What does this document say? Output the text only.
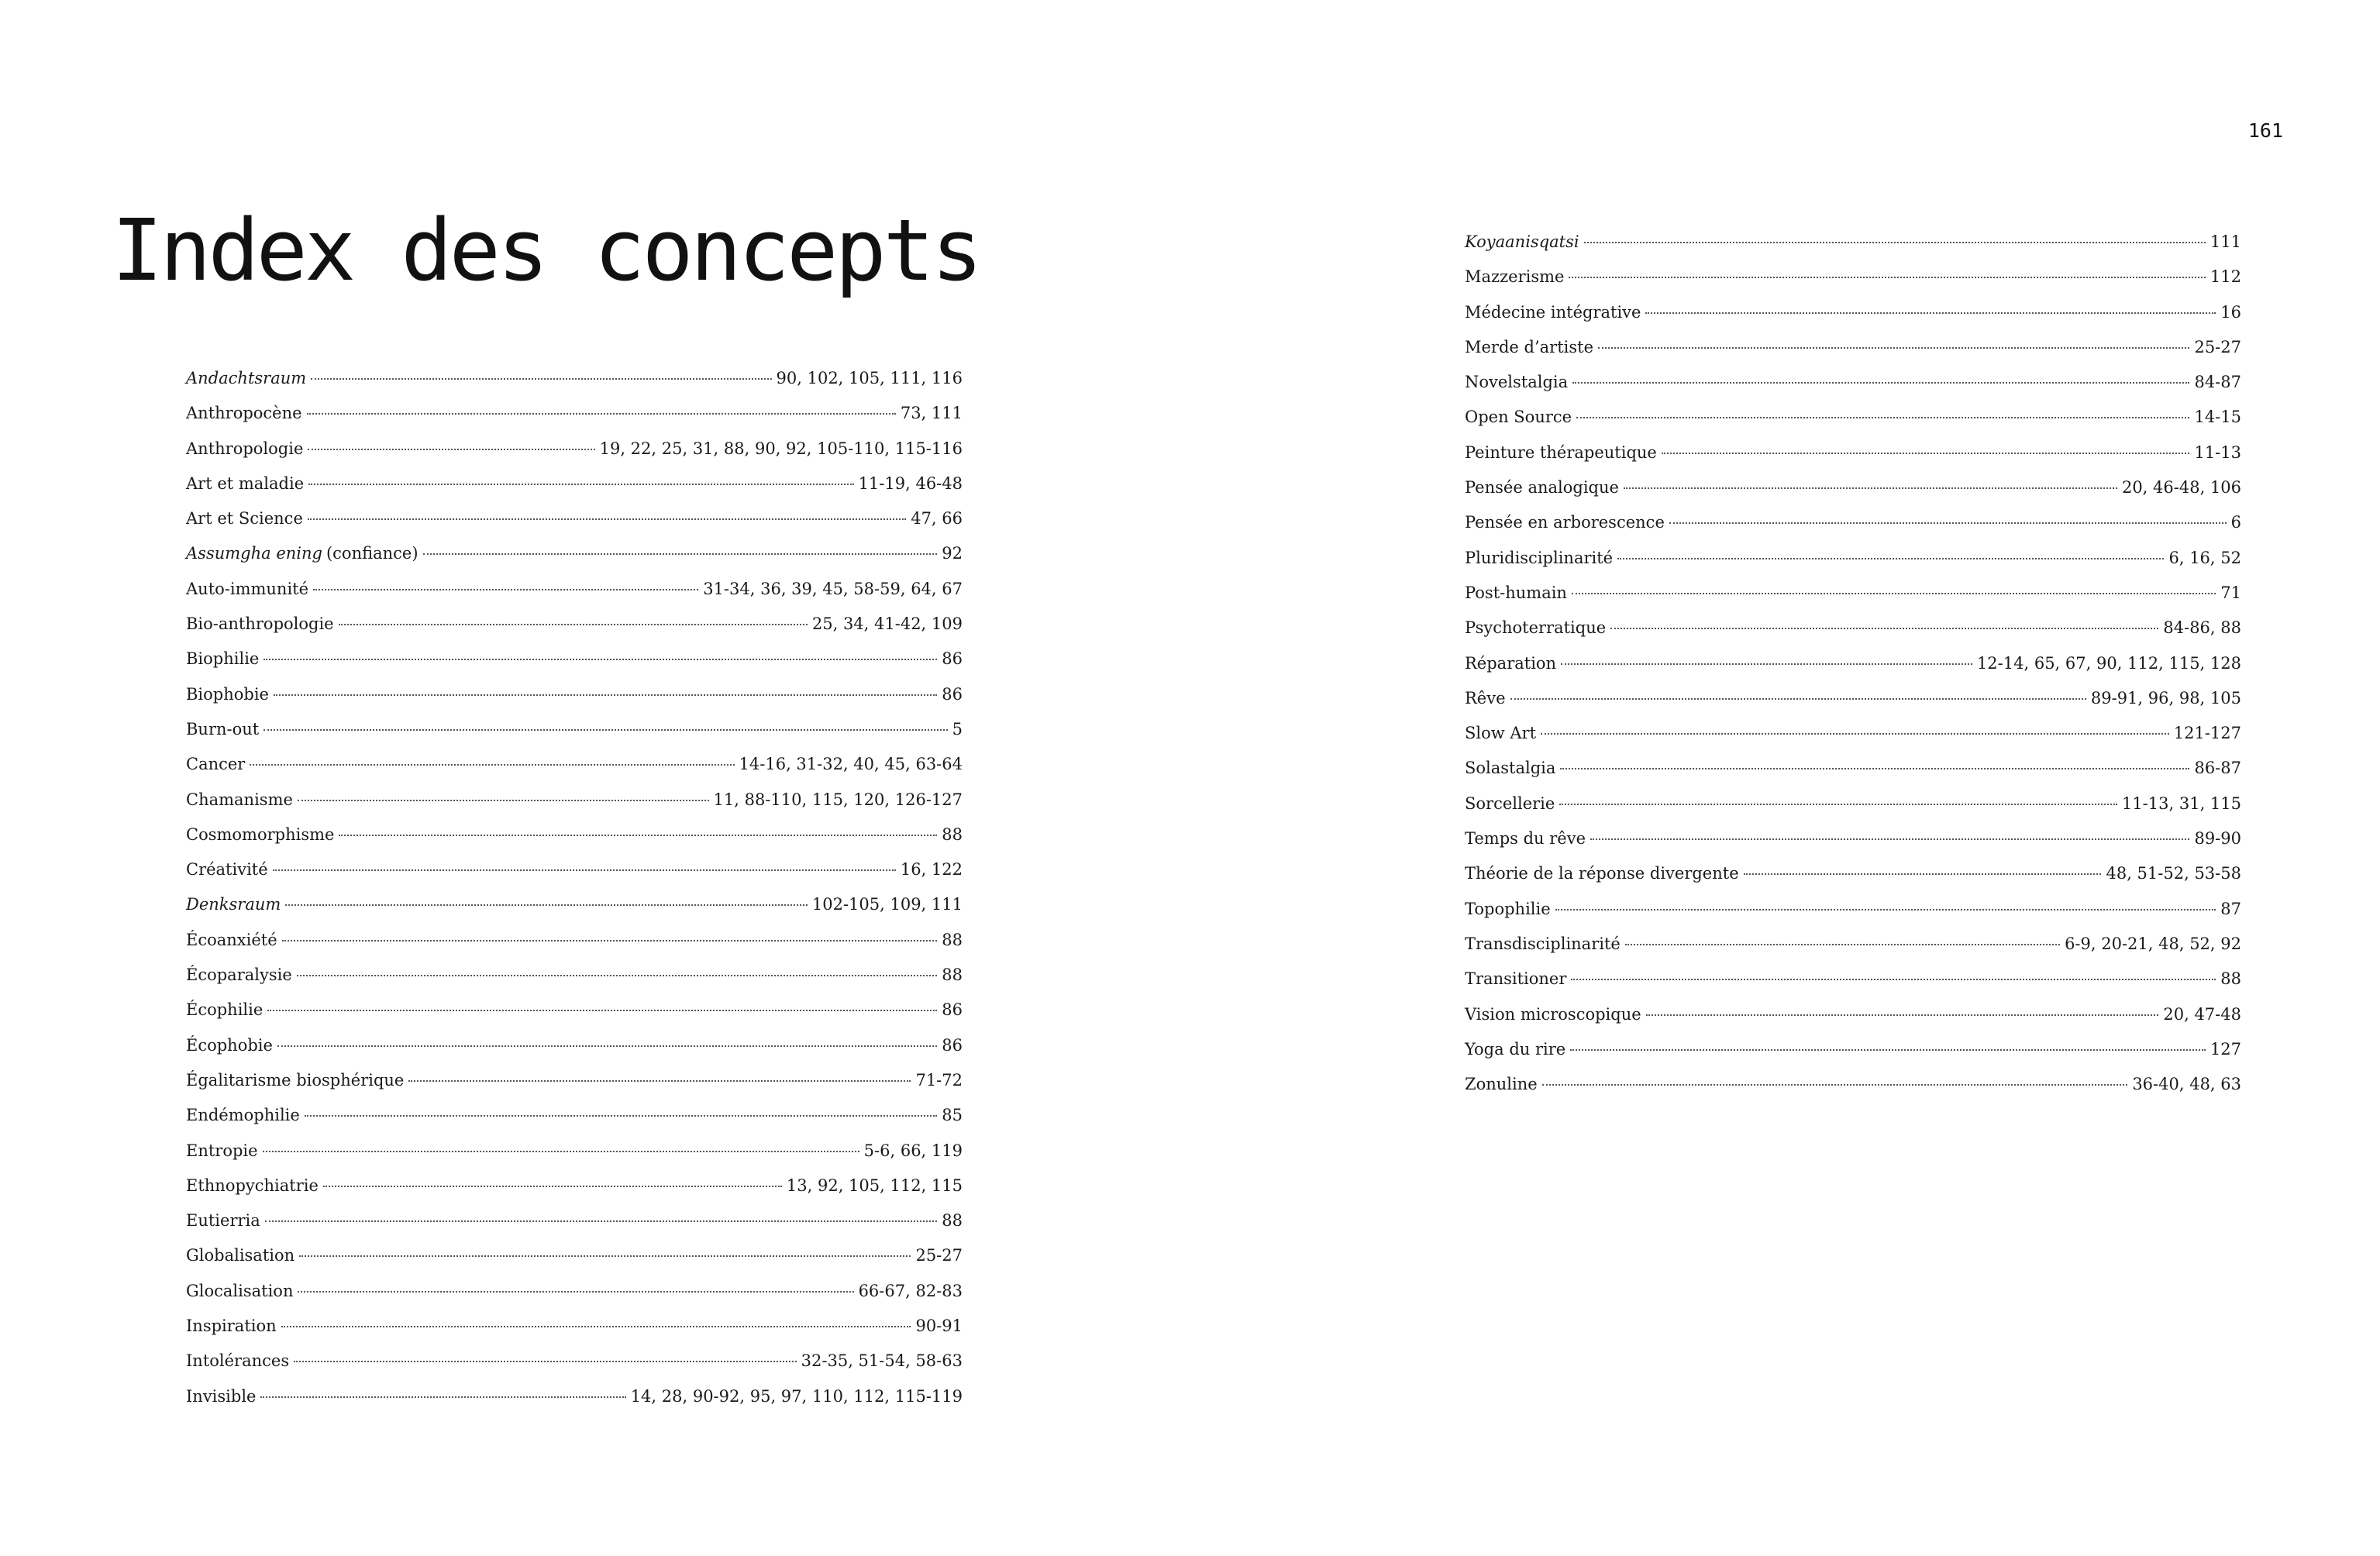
161
Index des concepts
Andachtsraum	90, 102, 105, 111, 116
Anthropocène	73, 111
Anthropologie	19, 22, 25, 31, 88, 90, 92, 105-110, 115-116
Art et maladie	11-19, 46-48
Art et Science	47, 66
Assumgha ening (confiance)	92
Auto-immunité	31-34, 36, 39, 45, 58-59, 64, 67
Bio-anthropologie	25, 34, 41-42, 109
Biophilie	86
Biophobie	86
Burn-out	5
Cancer	14-16, 31-32, 40, 45, 63-64
Chamanisme	11, 88-110, 115, 120, 126-127
Cosmomorphisme	88
Créativité	16, 122
Denksraum	102-105, 109, 111
Écoanxiété	88
Écoparalysie	88
Écophilie	86
Écophobie	86
Égalitarisme biosphérique	71-72
Endémophilie	85
Entropie	5-6, 66, 119
Ethnopychiatrie	13, 92, 105, 112, 115
Eutierria	88
Globalisation	25-27
Glocalisation	66-67, 82-83
Inspiration	90-91
Intolérances	32-35, 51-54, 58-63
Invisible	14, 28, 90-92, 95, 97, 110, 112, 115-119
Koyaanisqatsi	111
Mazzerisme	112
Médecine intégrative	16
Merde d’artiste	25-27
Novelstalgia	84-87
Open Source	14-15
Peinture thérapeutique	11-13
Pensée analogique	20, 46-48, 106
Pensée en arborescence	6
Pluridisciplinarité	6, 16, 52
Post-humain	71
Psychoterratique	84-86, 88
Réparation	12-14, 65, 67, 90, 112, 115, 128
Rêve	89-91, 96, 98, 105
Slow Art	121-127
Solastalgia	86-87
Sorcellerie	11-13, 31, 115
Temps du rêve	89-90
Théorie de la réponse divergente	48, 51-52, 53-58
Topophilie	87
Transdisciplinarité	6-9, 20-21, 48, 52, 92
Transitioner	88
Vision microscopique	20, 47-48
Yoga du rire	127
Zonuline	36-40, 48, 63
